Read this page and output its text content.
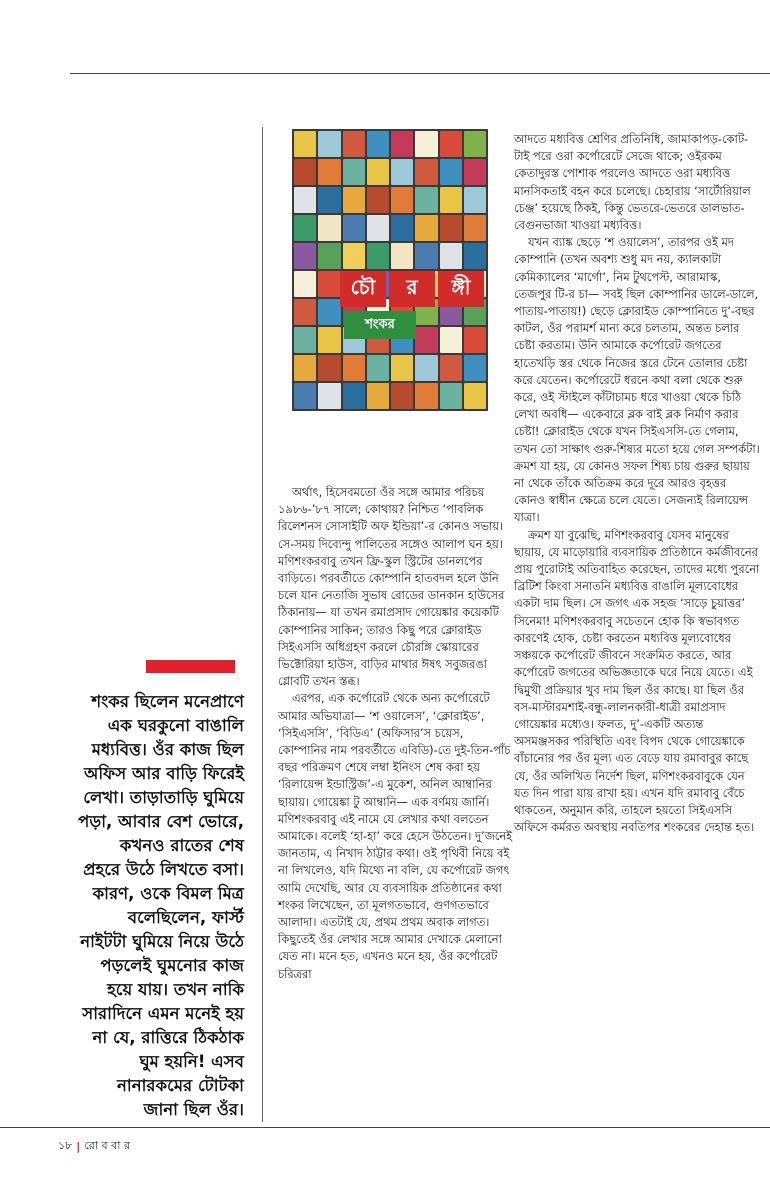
শংকর ছিলেন মনেপ্রাণে
এক ঘরকুনো বাঙালি
মধ্যবিত্ত। ওঁর কাজ ছিল
অফিস আর বাড়ি ফিরেই
লেখা। তাড়াতাড়ি ঘুমিয়ে
পড়া, আবার বেশ ভোরে,
কখনও রাতের শেষ
প্রহরে উঠে লিখতে বসা।
কারণ, ওকে বিমল মিত্র
বলেছিলেন, ফার্স্ট
নাইটটা ঘুমিয়ে নিয়ে উঠে
পড়লেই ঘুমনোর কাজ
হয়ে যায়। তখন নাকি
সারাদিনে এমন মনেই হয়
না যে, রাত্তিরে ঠিকঠাক
ঘুম হয়নি! এসব
নানারকমের টোটকা
জানা ছিল ওঁর।

চৌ	র	ঙ্গী
শংকর

অর্থাৎ, হিসেবমতো ওঁর সঙ্গে আমার পরিচয় ১৯৮৬-’৮৭ সালে; কোথায়? নিশ্চিত ‘পাবলিক রিলেশনস সোসাইটি অফ ইন্ডিয়া’-র কোনও সভায়। সে-সময় দিব্যেন্দু পালিতের সঙ্গেও আলাপ ঘন হয়। মণিশংকরবাবু তখন ফ্রি-স্কুল স্ট্রিটের ডানলপের বাড়িতে। পরবর্তীতে কোম্পানি হাতবদল হলে উনি চলে যান নেতাজি সুভাষ রোডের ডানকান হাউসের ঠিকানায়— যা তখন রমাপ্রসাদ গোয়েঙ্কার কয়েকটি কোম্পানির সাকিন; তারও কিছু পরে ক্লোরাইড সিইএসসি অধিগ্রহণ করলে চৌরঙ্গি স্কোয়ারের ভিক্টোরিয়া হাউস, বাড়ির মাথার ঈষৎ সবুজরঙা গ্লোবটি তখন স্তব্ধ।

এরপর, এক কর্পোরেট থেকে অন্য কর্পোরেটে আমার অভিযাত্রা— ‘শ ওয়ালেস’, ‘ক্লোরাইড’, ‘সিইএসসি’, ‘বিডিএ’ (অফিসার’স চয়েস, কোম্পানির নাম পরবর্তীতে এবিডি)-তে দুই-তিন-পাঁচ বছর পরিক্রমণ শেষে লম্বা ইনিংস শেষ করা হয় ‘রিলায়েন্স ইন্ডাস্ট্রিজ’-এ মুকেশ, অনিল আম্বানির ছায়ায়। গোয়েঙ্কা টু আম্বানি— এক বর্ণময় জার্নি। মণিশংকরবাবু এই নামে যে লেখার কথা বলতেন আমাকে। বলেই ‘হা-হা’ করে হেসে উঠতেন। দু’জনেই জানতাম, এ নিখাদ ঠাট্টার কথা। ওই পৃথিবী নিয়ে বই না লিখলেও, যদি মিথ্যে না বলি, যে কর্পোরেট জগৎ আমি দেখেছি, আর যে ব্যবসায়িক প্রতিষ্ঠানের কথা শংকর লিখেছেন, তা মূলগতভাবে, গুণগতভাবে আলাদা। এতটাই যে, প্রথম প্রথম অবাক লাগত। কিছুতেই ওঁর লেখার সঙ্গে আমার দেখাকে মেলানো যেত না। মনে হত, এখনও মনে হয়, ওঁর কর্পোরেট চরিত্ররা

আদতে মধ্যবিত্ত শ্রেণির প্রতিনিধি, জামাকাপড়-কোট-টাই পরে ওরা কর্পোরেটে সেজে থাকে; ওইরকম কেতাদুরস্ত পোশাক পরলেও আদতে ওরা মধ্যবিত্ত মানসিকতাই বহন করে চলেছে। চেহারায় ‘সার্টোরিয়াল চেঞ্জ’ হয়েছে ঠিকই, কিন্তু ভেতরে-ভেতরে ডালভাত-বেগুনভাজা খাওয়া মধ্যবিত্ত।

যখন ব্যাঙ্ক ছেড়ে ‘শ ওয়ালেস’, তারপর ওই মদ কোম্পানি (তখন অবশ্য শুধু মদ নয়, ক্যালকাটা কেমিক্যালের ‘মার্গো’, নিম টুথপেস্ট, আরামাস্ক, তেজপুর টি-র চা— সবই ছিল কোম্পানির ডালে-ডালে, পাতায়-পাতায়!) ছেড়ে ক্লোরাইড কোম্পানিতে দু’-বছর কাটল, ওঁর পরামর্শ মান্য করে চলতাম, অন্তত চলার চেষ্টা করতাম। উনি আমাকে কর্পোরেট জগতের হাতেখড়ি স্তর থেকে নিজের স্তরে টেনে তোলার চেষ্টা করে যেতেন। কর্পোরেটে ধরনে কথা বলা থেকে শুরু করে, ওই স্টাইলে কাঁটাচামচ ধরে খাওয়া থেকে চিঠি লেখা অবধি— একেবারে ব্লক বাই ব্লক নির্মাণ করার চেষ্টা! ক্লোরাইড থেকে যখন সিইএসসি-তে গেলাম, তখন তো সাক্ষাৎ গুরু-শিষ্যর মতো হয়ে গেল সম্পর্কটা। ক্রমশ যা হয়, যে কোনও সফল শিষ্য চায় গুরুর ছায়ায় না থেকে তাঁকে অতিক্রম করে দূরে আরও বৃহত্তর কোনও স্বাধীন ক্ষেত্রে চলে যেতে। সেজন্যই রিলায়েন্স যাত্রা।

ক্রমশ যা বুঝেছি, মণিশংকরবাবু যেসব মানুষের ছায়ায়, যে মাড়োয়ারি ব্যবসায়িক প্রতিষ্ঠানে কর্মজীবনের প্রায় পুরোটাই অতিবাহিত করেছেন, তাদের মধ্যে পুরনো ব্রিটিশ কিংবা সনাতনি মধ্যবিত্ত বাঙালি মূল্যবোধের একটা দাম ছিল। সে জগৎ এক সহজ ‘সাড়ে চুয়াত্তর’ সিনেমা! মণিশংকরবাবু সচেতনে হোক কি স্বভাবগত কারণেই হোক, চেষ্টা করতেন মধ্যবিত্ত মূল্যবোধের সঞ্চয়কে কর্পোরেট জীবনে সংক্রমিত করতে, আর কর্পোরেট জগতের অভিজ্ঞতাকে ঘরে নিয়ে যেতে। এই দ্বিমুখী প্রক্রিয়ার খুব দাম ছিল ওঁর কাছে। যা ছিল ওঁর বস-মাস্টারমশাই-বন্ধু-লালনকারী-ধাত্রী রমাপ্রসাদ গোয়েঙ্কার মধ্যেও। ফলত, দু’-একটি অত্যন্ত অসমঞ্জসকর পরিস্থিতি এবং বিপদ থেকে গোয়েঙ্কাকে বাঁচানোর পর ওঁর মূল্য এত বেড়ে যায় রমাবাবুর কাছে যে, ওঁর অলিখিত নির্দেশ ছিল, মণিশংকরবাবুকে যেন যত দিন পারা যায় রাখা হয়। এখন যদি রমাবাবু বেঁচে থাকতেন, অনুমান করি, তাহলে হয়তো সিইএসসি অফিসে কর্মরত অবস্থায় নবতিপর শংকরের দেহান্ত হত।

১৮ | রো ব বা র
